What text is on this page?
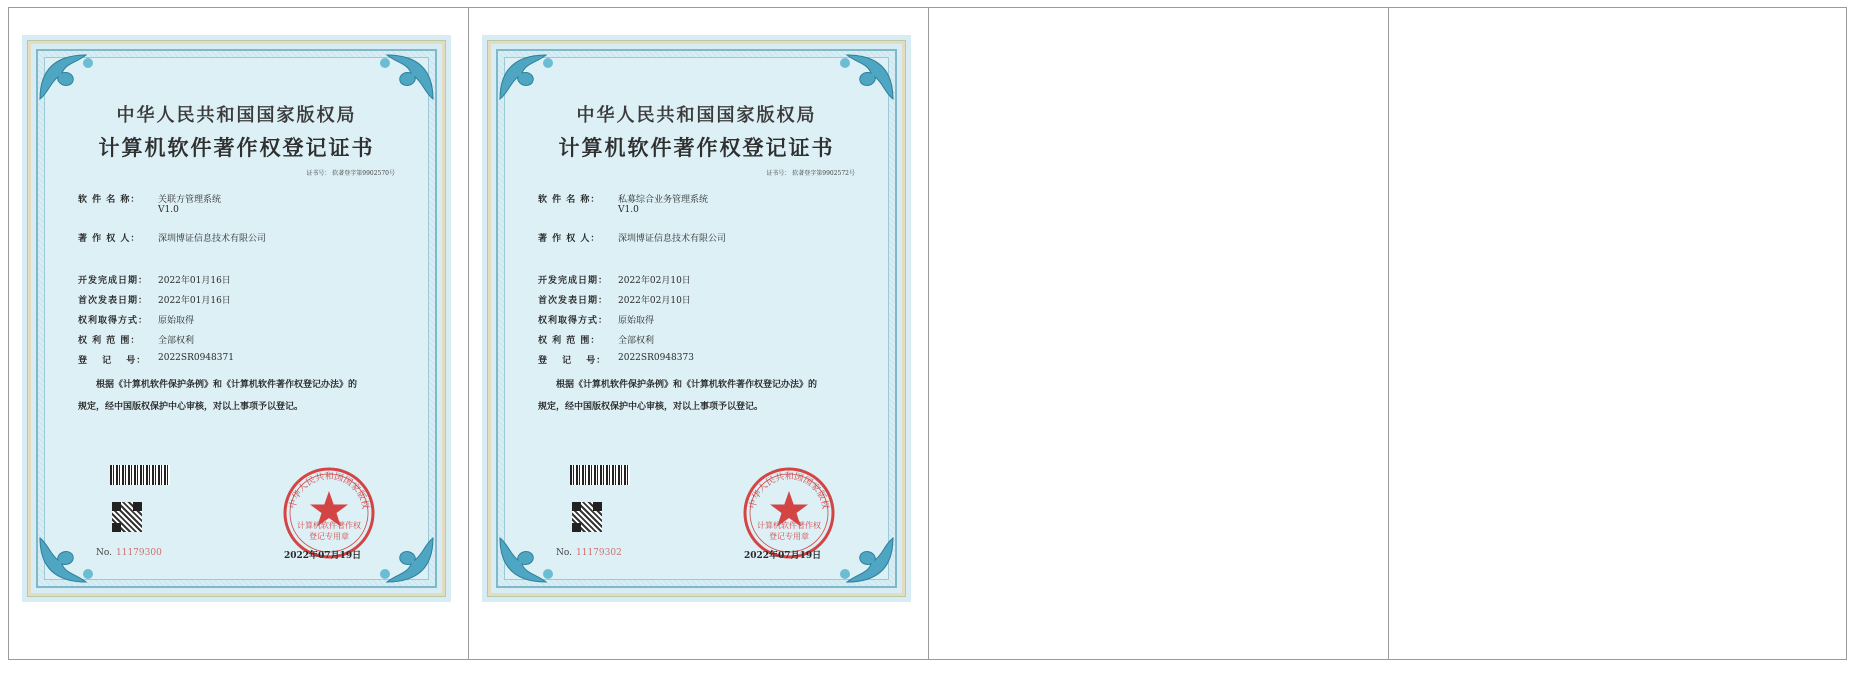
中华人民共和国国家版权局
计算机软件著作权登记证书
证书号： 软著登字第9902570号
软 件 名 称： 关联方管理系统
V1.0
著 作 权 人： 深圳博证信息技术有限公司
开发完成日期： 2022年01月16日
首次发表日期： 2022年01月16日
权利取得方式： 原始取得
权 利 范 围： 全部权利
登　 记　 号： 2022SR0948371
根据《计算机软件保护条例》和《计算机软件著作权登记办法》的
规定，经中国版权保护中心审核，对以上事项予以登记。
中华人民共和国国家版权
计算机软件著作权
登记专用章
No. 11179300	2022年07月19日
中华人民共和国国家版权局
计算机软件著作权登记证书
证书号： 软著登字第9902572号
软 件 名 称： 私募综合业务管理系统
V1.0
著 作 权 人： 深圳博证信息技术有限公司
开发完成日期： 2022年02月10日
首次发表日期： 2022年02月10日
权利取得方式： 原始取得
权 利 范 围： 全部权利
登　 记　 号： 2022SR0948373
根据《计算机软件保护条例》和《计算机软件著作权登记办法》的
规定，经中国版权保护中心审核，对以上事项予以登记。
中华人民共和国国家版权
计算机软件著作权
登记专用章
No. 11179302	2022年07月19日
